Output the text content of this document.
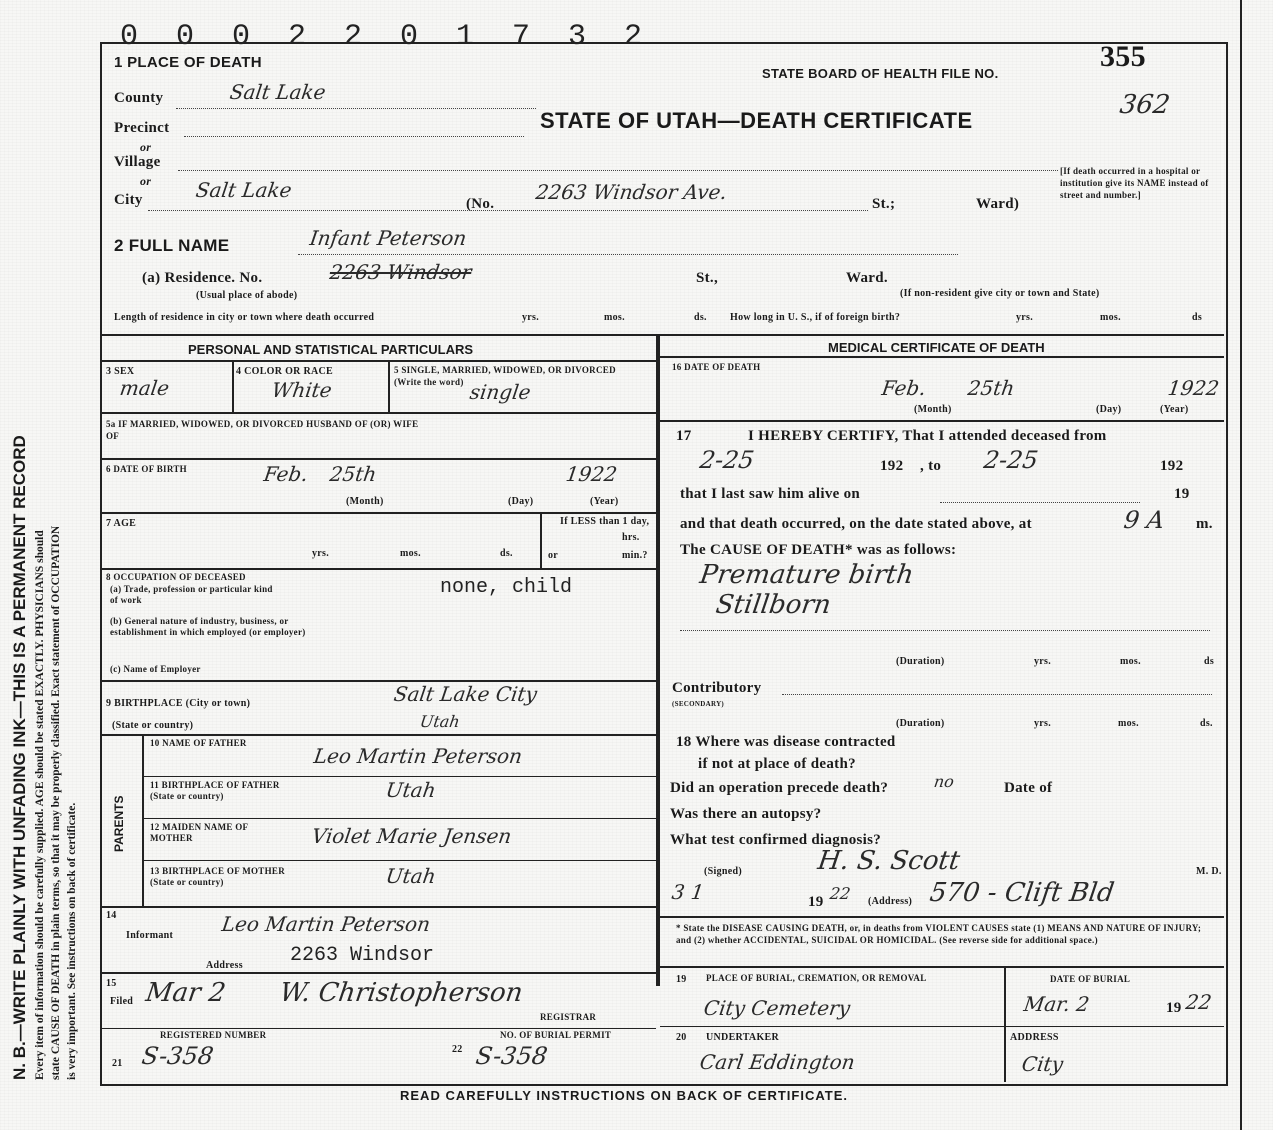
N. B.—WRITE PLAINLY WITH UNFADING INK—THIS IS A PERMANENT RECORD Every item of information should be carefully supplied. AGE should be stated EXACTLY. PHYSICIANS should state CAUSE OF DEATH in plain terms, so that it may be properly classified. Exact statement of OCCUPATION is very important. See instructions on back of certificate.
0 0 0 2 2 0 1 7 3 2
STATE BOARD OF HEALTH FILE NO.
355
362
STATE OF UTAH—DEATH CERTIFICATE
[If death occurred in a hospital or institution give its NAME instead of street and number.]
1 PLACE OF DEATH
County	Salt Lake
Precinct
or
Village
or
City	Salt Lake
(No. 2263 Windsor Ave.	St.;	Ward)
2 FULL NAME	Infant Peterson
(a) Residence. No.	2263 Windsor	St.,	Ward.
(Usual place of abode)	(If non-resident give city or town and State)
Length of residence in city or town where death occurred	yrs.	mos.	ds. How long in U. S., if of foreign birth?	yrs.	mos.	ds
PERSONAL AND STATISTICAL PARTICULARS
3 SEX
male
4 COLOR OR RACE
White
5 SINGLE, MARRIED, WIDOWED, OR DIVORCED (Write the word) single
5a IF MARRIED, WIDOWED, OR DIVORCED HUSBAND OF (OR) WIFE OF
6 DATE OF BIRTH	Feb. 25th	1922
(Month)	(Day)	(Year)
7 AGE
yrs.	mos.	ds.
If LESS than 1 day,
hrs.
or	min.?
8 OCCUPATION OF DECEASED
(a) Trade, profession or particular kind of work
none, child
(b) General nature of industry, business, or establishment in which employed (or employer)
(c) Name of Employer
9 BIRTHPLACE (City or town)	Salt Lake City
(State or country)	Utah
PARENTS
10 NAME OF FATHER
Leo Martin Peterson
11 BIRTHPLACE OF FATHER (State or country)	Utah
12 MAIDEN NAME OF MOTHER	Violet Marie Jensen
13 BIRTHPLACE OF MOTHER (State or country)	Utah
14
Informant Leo Martin Peterson
Address 2263 Windsor
15
Filed Mar 2 W. Christopherson
REGISTRAR
REGISTERED NUMBER	NO. OF BURIAL PERMIT
21 S-358	22 S-358
MEDICAL CERTIFICATE OF DEATH
16 DATE OF DEATH
Feb. 25th	1922
(Month)	(Day)	(Year)
17	I HEREBY CERTIFY, That I attended deceased from
2-25	192 , to 2-25	192
that I last saw him alive on	19
and that death occurred, on the date stated above, at	9 A m.
The CAUSE OF DEATH* was as follows:
Premature birth
Stillborn
(Duration)	yrs.	mos.	ds
Contributory
(SECONDARY)
(Duration)	yrs.	mos.	ds.
18 Where was disease contracted
if not at place of death?
Did an operation precede death?	no	Date of
Was there an autopsy?
What test confirmed diagnosis?
(Signed)	H. S. Scott	M. D.
3 1	19 22 (Address) 570 - Clift Bld
* State the DISEASE CAUSING DEATH, or, in deaths from VIOLENT CAUSES state (1) MEANS AND NATURE OF INJURY; and (2) whether ACCIDENTAL, SUICIDAL OR HOMICIDAL. (See reverse side for additional space.)
19 PLACE OF BURIAL, CREMATION, OR REMOVAL
City Cemetery
DATE OF BURIAL
Mar. 2	19 22
20 UNDERTAKER
Carl Eddington
ADDRESS
City
READ CAREFULLY INSTRUCTIONS ON BACK OF CERTIFICATE.
